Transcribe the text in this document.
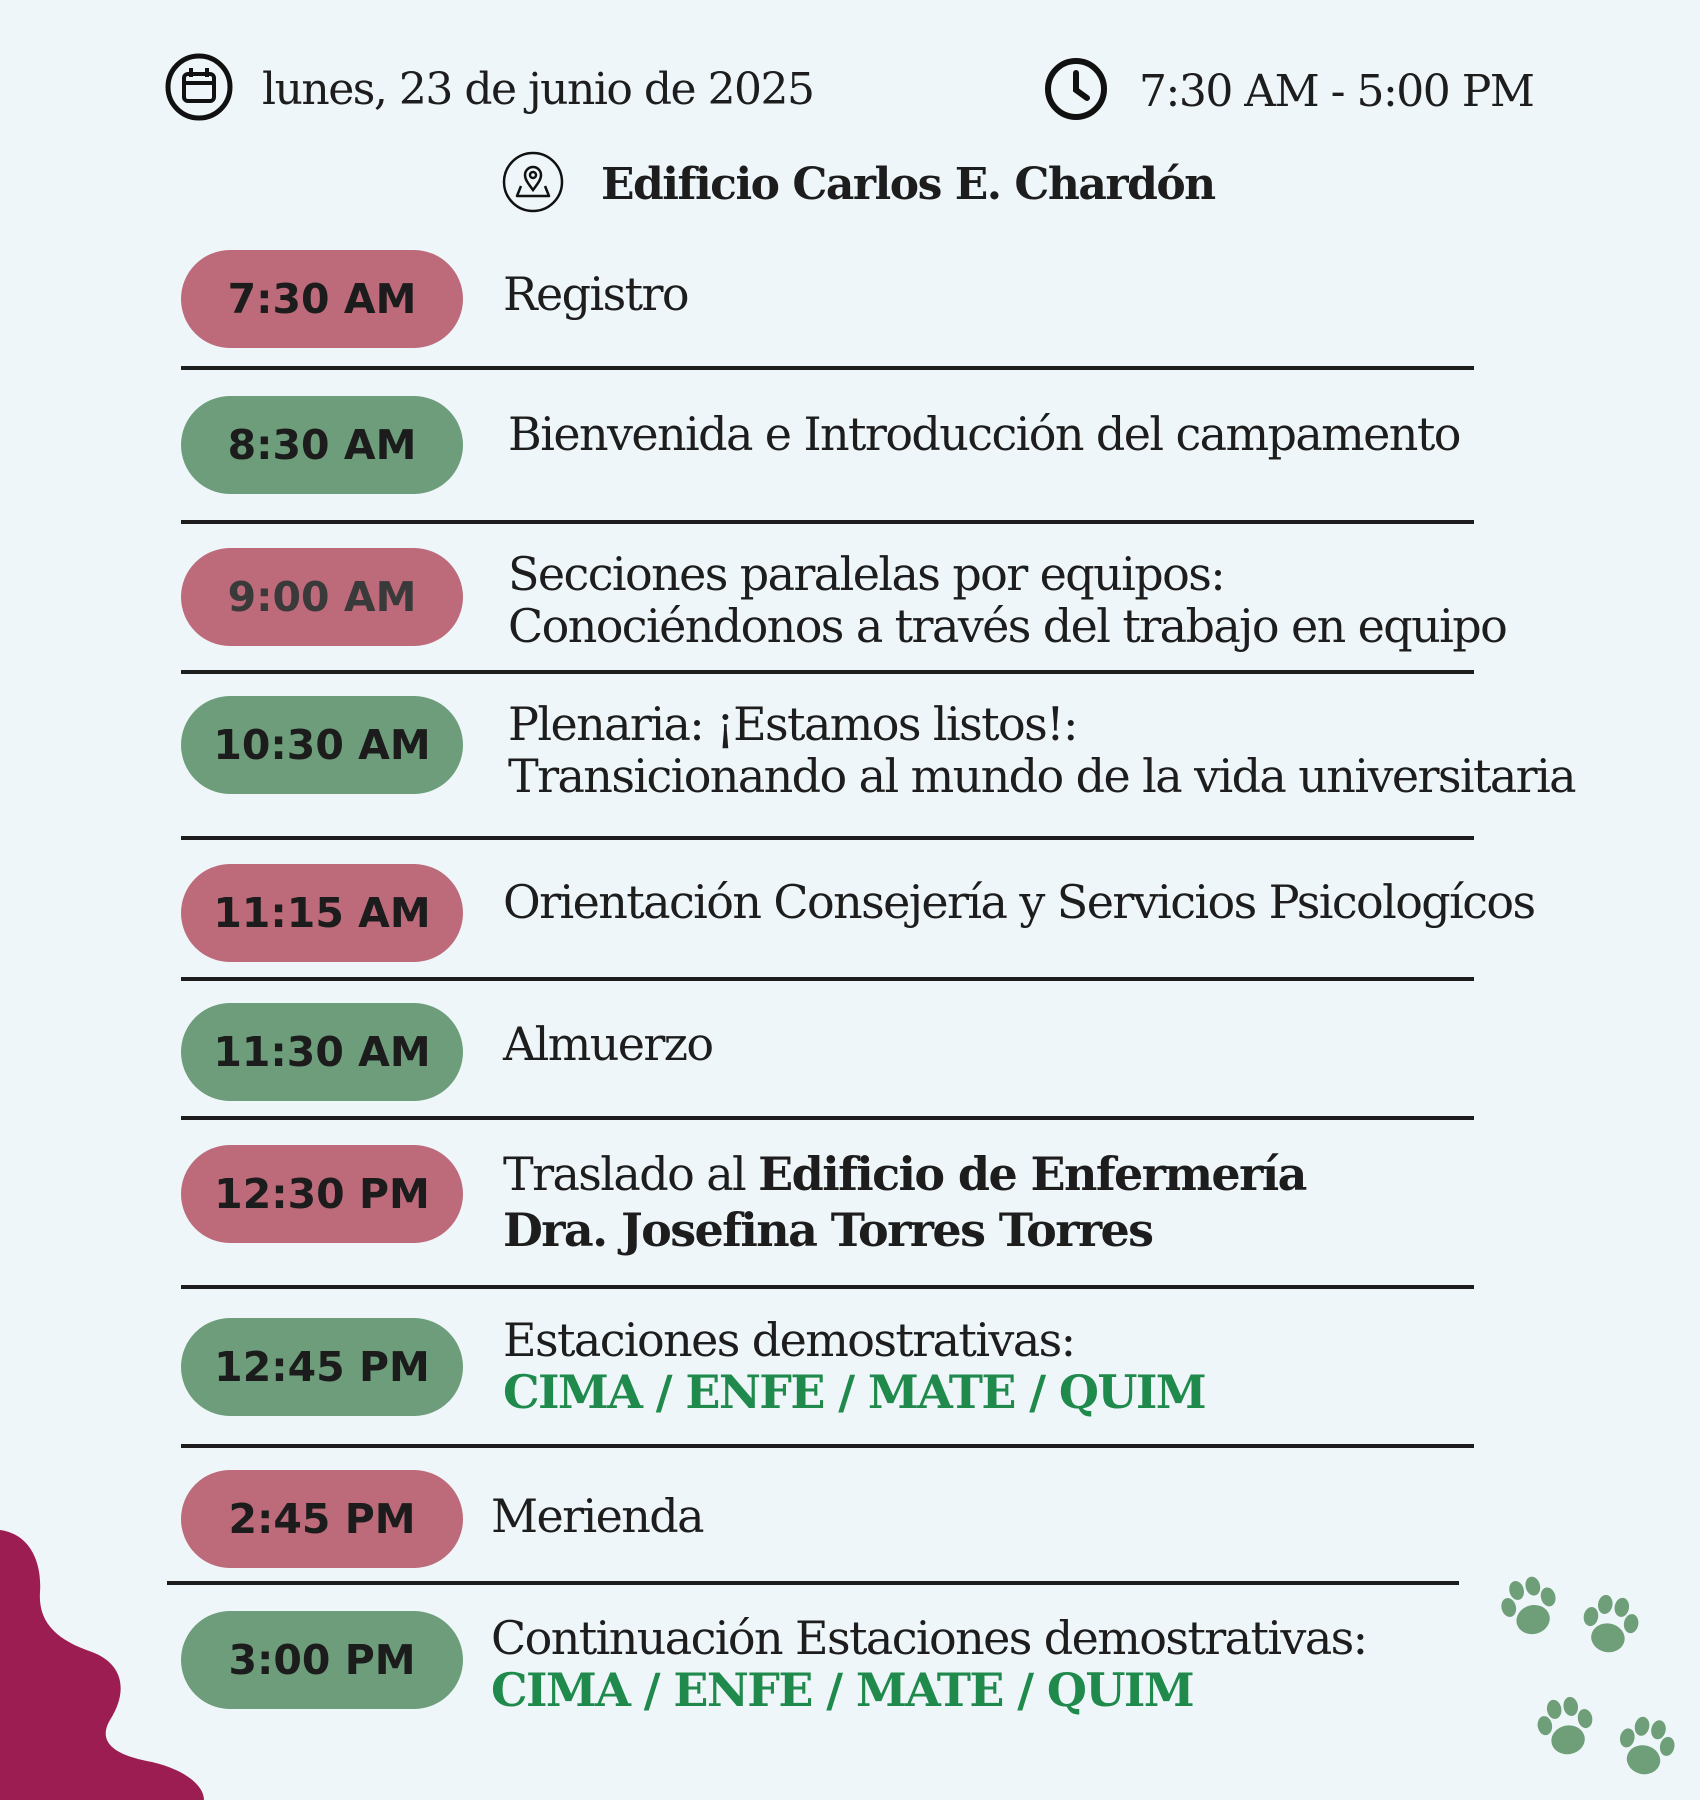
lunes, 23 de junio de 2025	7:30 AM - 5:00 PM
Edificio Carlos E. Chardón
7:30 AM	Registro
8:30 AM	Bienvenida e Introducción del campamento
9:00 AM	Secciones paralelas por equipos:
Conociéndonos a través del trabajo en equipo
10:30 AM	Plenaria: ¡Estamos listos!:
Transicionando al mundo de la vida universitaria
11:15 AM	Orientación Consejería y Servicios Psicologícos
11:30 AM	Almuerzo
12:30 PM	Traslado al Edificio de Enfermería
Dra. Josefina Torres Torres
12:45 PM	Estaciones demostrativas:
CIMA / ENFE / MATE / QUIM
2:45 PM	Merienda
3:00 PM	Continuación Estaciones demostrativas:
CIMA / ENFE / MATE / QUIM
